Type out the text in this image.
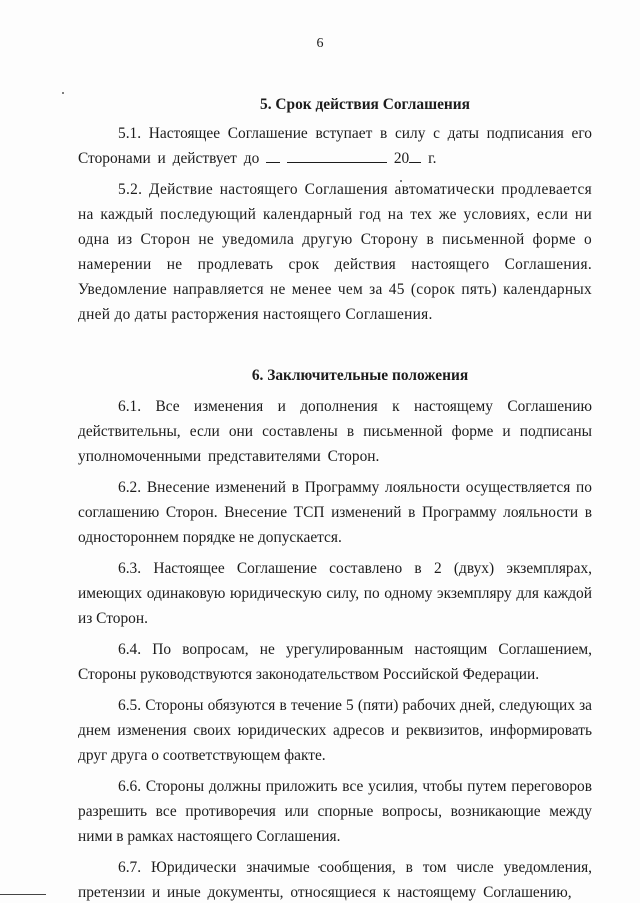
6

5. Срок действия Соглашения

5.1. Настоящее Соглашение вступает в силу с даты подписания его Сторонами и действует до	20 г.

5.2. Действие настоящего Соглашения автоматически продлевается на каждый последующий календарный год на тех же условиях, если ни одна из Сторон не уведомила другую Сторону в письменной форме о намерении не продлевать срок действия настоящего Соглашения. Уведомление направляется не менее чем за 45 (сорок пять) календарных дней до даты расторжения настоящего Соглашения.

6. Заключительные положения

6.1. Все изменения и дополнения к настоящему Соглашению действительны, если они составлены в письменной форме и подписаны уполномоченными представителями Сторон.

6.2. Внесение изменений в Программу лояльности осуществляется по соглашению Сторон. Внесение ТСП изменений в Программу лояльности в одностороннем порядке не допускается.

6.3. Настоящее Соглашение составлено в 2 (двух) экземплярах, имеющих одинаковую юридическую силу, по одному экземпляру для каждой из Сторон.

6.4. По вопросам, не урегулированным настоящим Соглашением, Стороны руководствуются законодательством Российской Федерации.

6.5. Стороны обязуются в течение 5 (пяти) рабочих дней, следующих за днем изменения своих юридических адресов и реквизитов, информировать друг друга о соответствующем факте.

6.6. Стороны должны приложить все усилия, чтобы путем переговоров разрешить все противоречия или спорные вопросы, возникающие между ними в рамках настоящего Соглашения.

6.7. Юридически значимые сообщения, в том числе уведомления, претензии и иные документы, относящиеся к настоящему Соглашению,
